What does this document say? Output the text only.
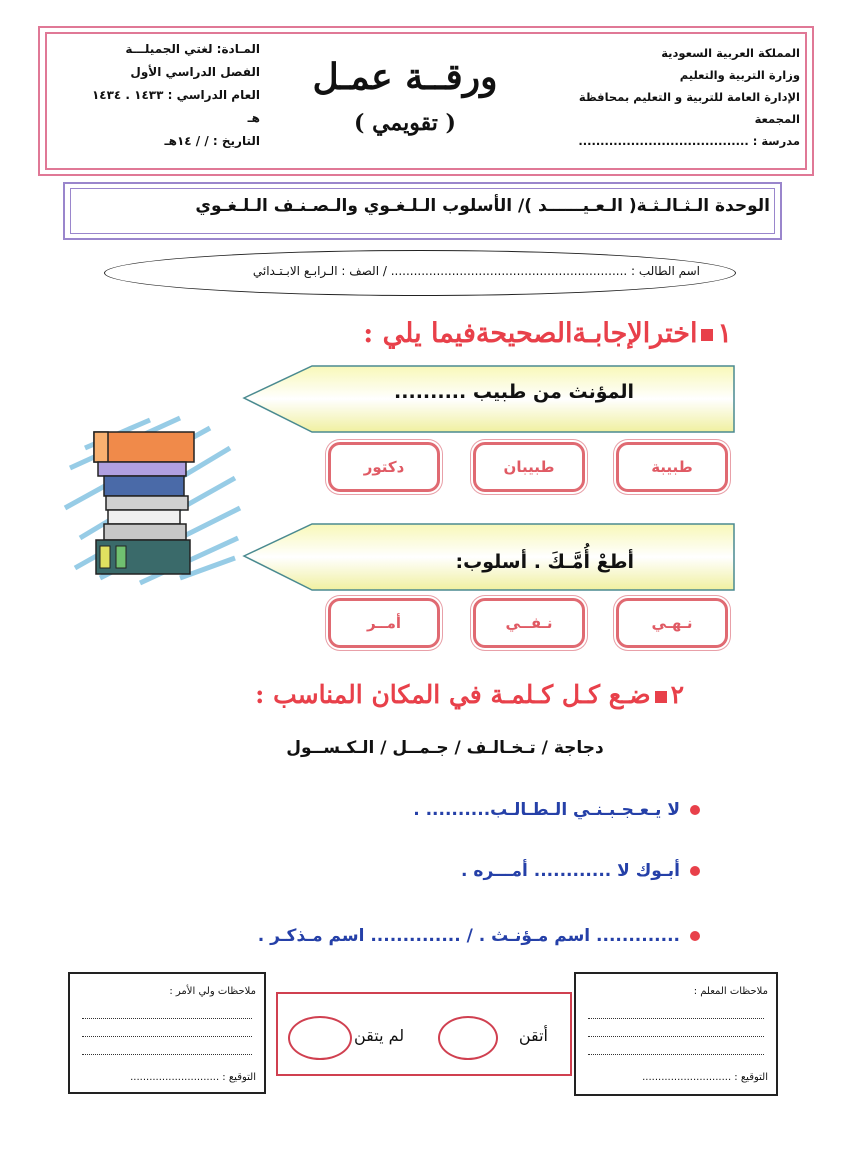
المملكة العربية السعودية
وزارة التربية والتعليم
الإدارة العامة للتربية و التعليم بمحافظة المجمعة
مدرسة : .......................................
ورقــة عمـل
( تقويمي )
المـادة: لغتي الجميلـــة
الفصل الدراسي الأول
العام الدراسي : ١٤٣٣ . ١٤٣٤ هـ
التاريخ : / / ١٤هـ
الوحدة الـثـالـثـة( الـعـيــــــد )/ الأسلوب الـلـغـوي والـصـنـف الـلـغـوي
اسم الطالب : .............................................................. / الصف : الـرابـع الابـتـدائي
١اخترالإجابـةالصحيحةفيما يلي :
المؤنث من طبيب ..........
طبيبة
طبيبان
دكتور
أطعْ أُمَّـكَ . أسلوب:
نـهـي
نـفــي
أمــر
٢ضـع كـل كـلمـة في المكان المناسب :
دجاجة / تـخـالـف / جـمــل / الـكـســول
لا يـعـجـبـنـي الـطـالـب.......... .
أبـوك لا ............ أمـــره .
............. اسم مـؤنـث . / .............. اسم مـذكـر .
ملاحظات المعلم :
التوقيع : ............................
أتقن
لم يتقن
ملاحظات ولي الأمر :
التوقيع : ............................
